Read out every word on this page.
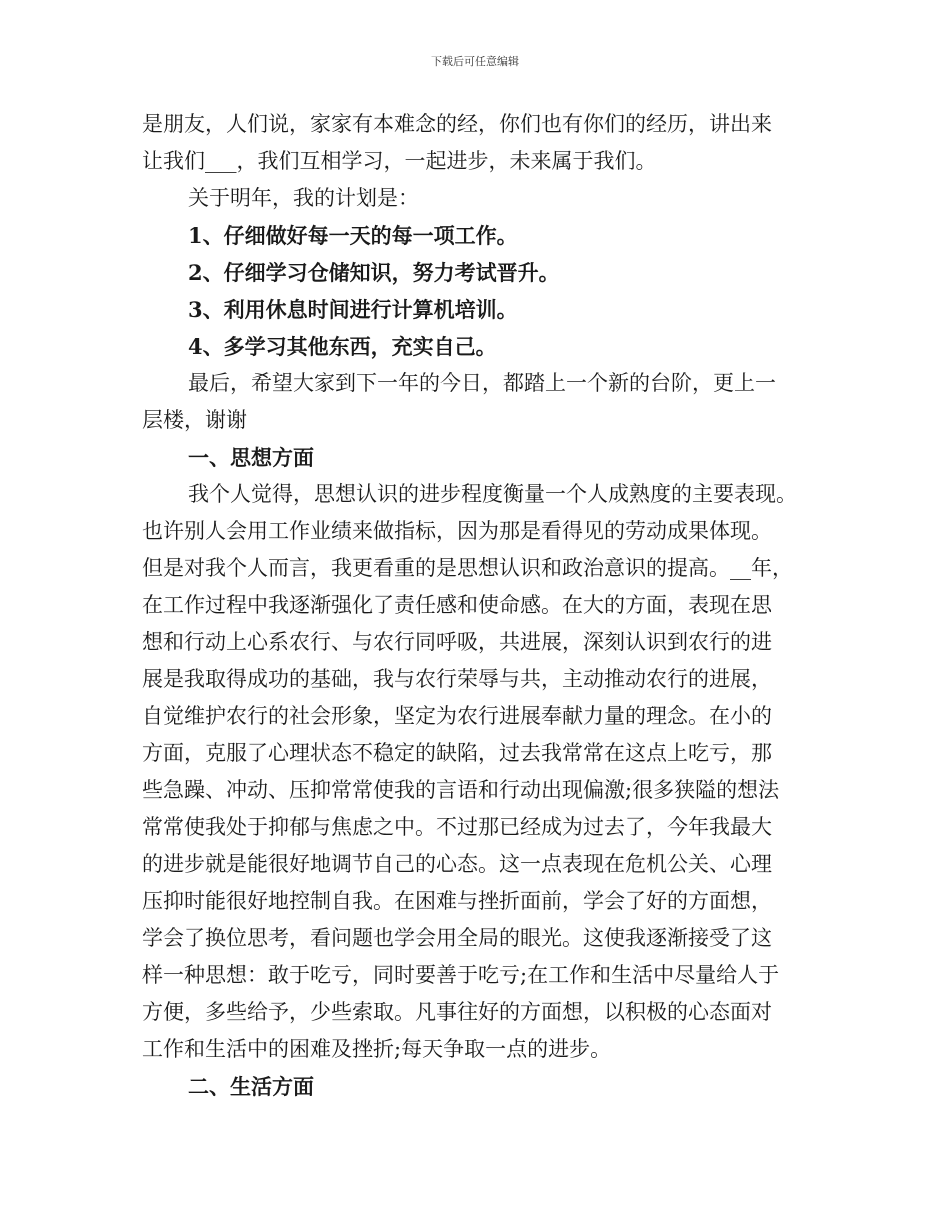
下载后可任意编辑
是朋友，人们说，家家有本难念的经，你们也有你们的经历，讲出来
让我们___，我们互相学习，一起进步，未来属于我们。
关于明年，我的计划是：
1、仔细做好每一天的每一项工作。
2、仔细学习仓储知识，努力考试晋升。
3、利用休息时间进行计算机培训。
4、多学习其他东西，充实自己。
最后，希望大家到下一年的今日，都踏上一个新的台阶，更上一
层楼，谢谢
一、思想方面
我个人觉得，思想认识的进步程度衡量一个人成熟度的主要表现。
也许别人会用工作业绩来做指标，因为那是看得见的劳动成果体现。
但是对我个人而言，我更看重的是思想认识和政治意识的提高。__年，
在工作过程中我逐渐强化了责任感和使命感。在大的方面，表现在思
想和行动上心系农行、与农行同呼吸，共进展，深刻认识到农行的进
展是我取得成功的基础，我与农行荣辱与共，主动推动农行的进展，
自觉维护农行的社会形象，坚定为农行进展奉献力量的理念。在小的
方面，克服了心理状态不稳定的缺陷，过去我常常在这点上吃亏，那
些急躁、冲动、压抑常常使我的言语和行动出现偏激;很多狭隘的想法
常常使我处于抑郁与焦虑之中。不过那已经成为过去了，今年我最大
的进步就是能很好地调节自己的心态。这一点表现在危机公关、心理
压抑时能很好地控制自我。在困难与挫折面前，学会了好的方面想，
学会了换位思考，看问题也学会用全局的眼光。这使我逐渐接受了这
样一种思想：敢于吃亏，同时要善于吃亏;在工作和生活中尽量给人于
方便，多些给予，少些索取。凡事往好的方面想，以积极的心态面对
工作和生活中的困难及挫折;每天争取一点的进步。
二、生活方面
